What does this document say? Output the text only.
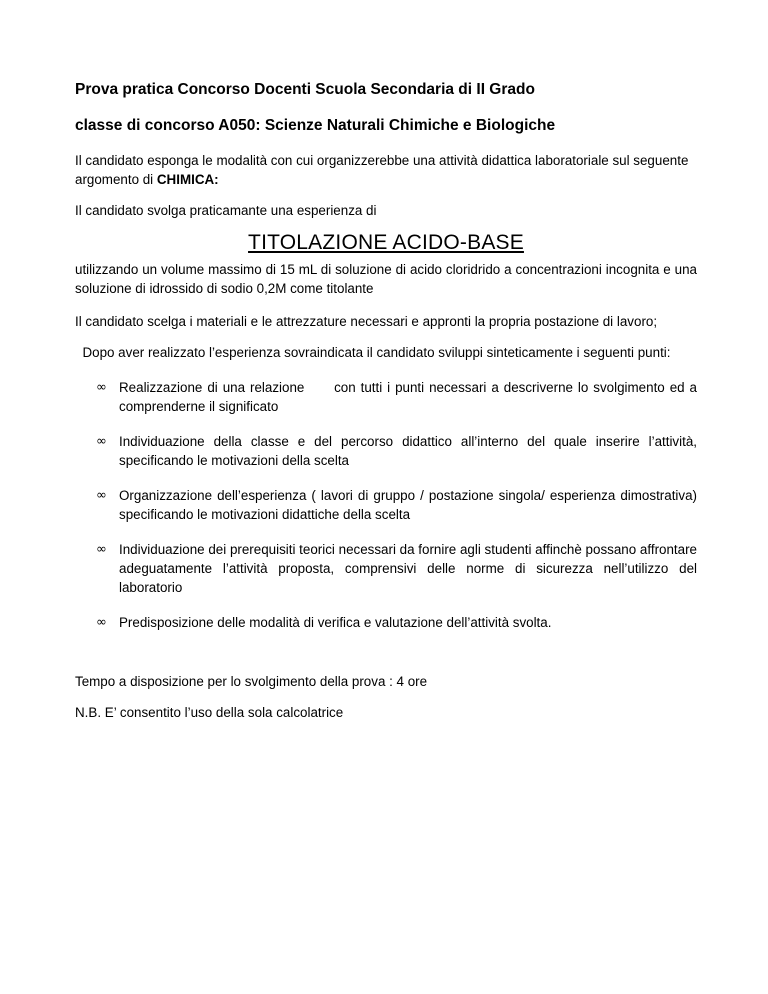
Prova pratica Concorso Docenti Scuola Secondaria di II Grado
classe di concorso A050: Scienze Naturali Chimiche e Biologiche

Il candidato esponga le modalità con cui organizzerebbe una attività didattica laboratoriale sul seguente argomento di CHIMICA:

Il candidato svolga praticamante una esperienza di

TITOLAZIONE ACIDO-BASE

utilizzando un volume massimo di 15 mL di soluzione di acido cloridrido a concentrazioni incognita e una soluzione di idrossido di sodio 0,2M come titolante

Il candidato scelga i materiali e le attrezzature necessari e appronti la propria postazione di lavoro;

Dopo aver realizzato l’esperienza sovraindicata il candidato sviluppi sinteticamente i seguenti punti:

∞ Realizzazione di una relazione      con tutti i punti necessari a descriverne lo svolgimento ed a comprenderne il significato
∞ Individuazione della classe e del percorso didattico all’interno del quale inserire l’attività, specificando le motivazioni della scelta
∞ Organizzazione dell’esperienza ( lavori di gruppo / postazione singola/ esperienza dimostrativa) specificando le motivazioni didattiche della scelta
∞ Individuazione dei prerequisiti teorici necessari da fornire agli studenti affinchè possano affrontare adeguatamente l’attività proposta, comprensivi delle norme di sicurezza nell’utilizzo del laboratorio
∞ Predisposizione delle modalità di verifica e valutazione dell’attività svolta.

Tempo a disposizione per lo svolgimento della prova : 4 ore

N.B. E’ consentito l’uso della sola calcolatrice
